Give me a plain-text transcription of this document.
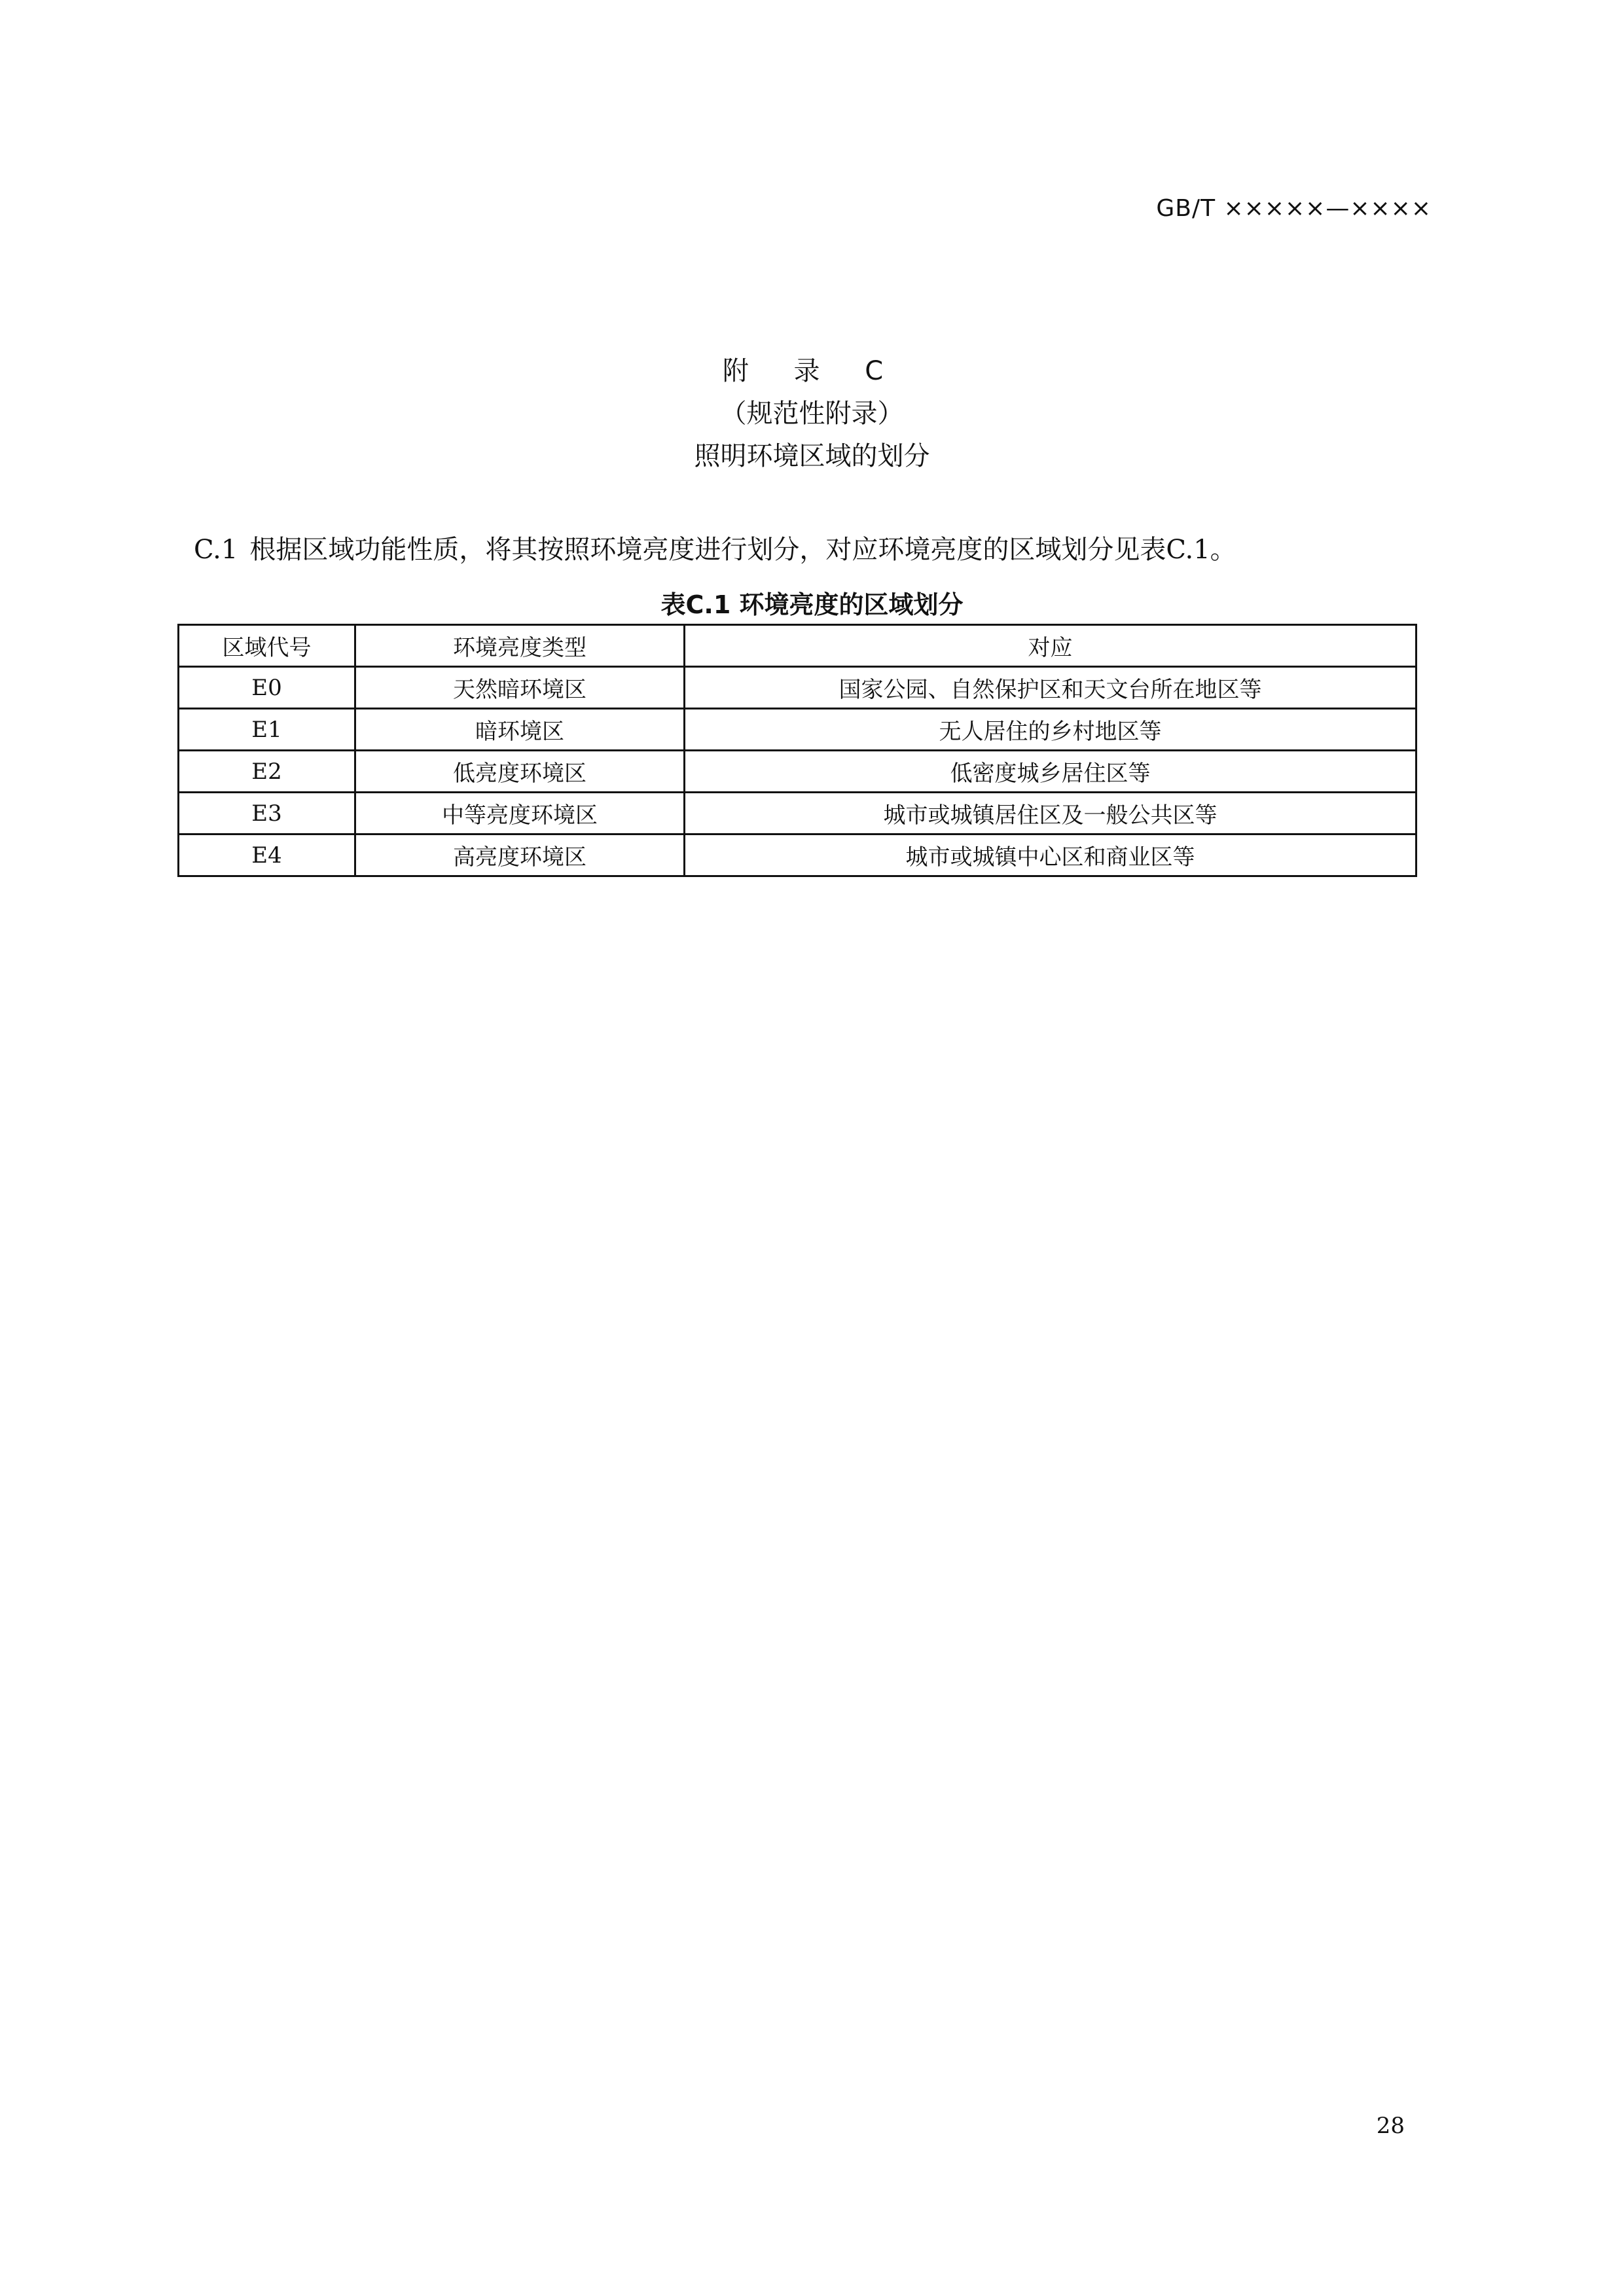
GB/T ×××××—××××
附 录 C
（规范性附录）
照明环境区域的划分
C.1 根据区域功能性质，将其按照环境亮度进行划分，对应环境亮度的区域划分见表C.1。
表C.1 环境亮度的区域划分
区域代号	环境亮度类型	对应
E0	天然暗环境区	国家公园、自然保护区和天文台所在地区等
E1	暗环境区	无人居住的乡村地区等
E2	低亮度环境区	低密度城乡居住区等
E3	中等亮度环境区	城市或城镇居住区及一般公共区等
E4	高亮度环境区	城市或城镇中心区和商业区等
28
